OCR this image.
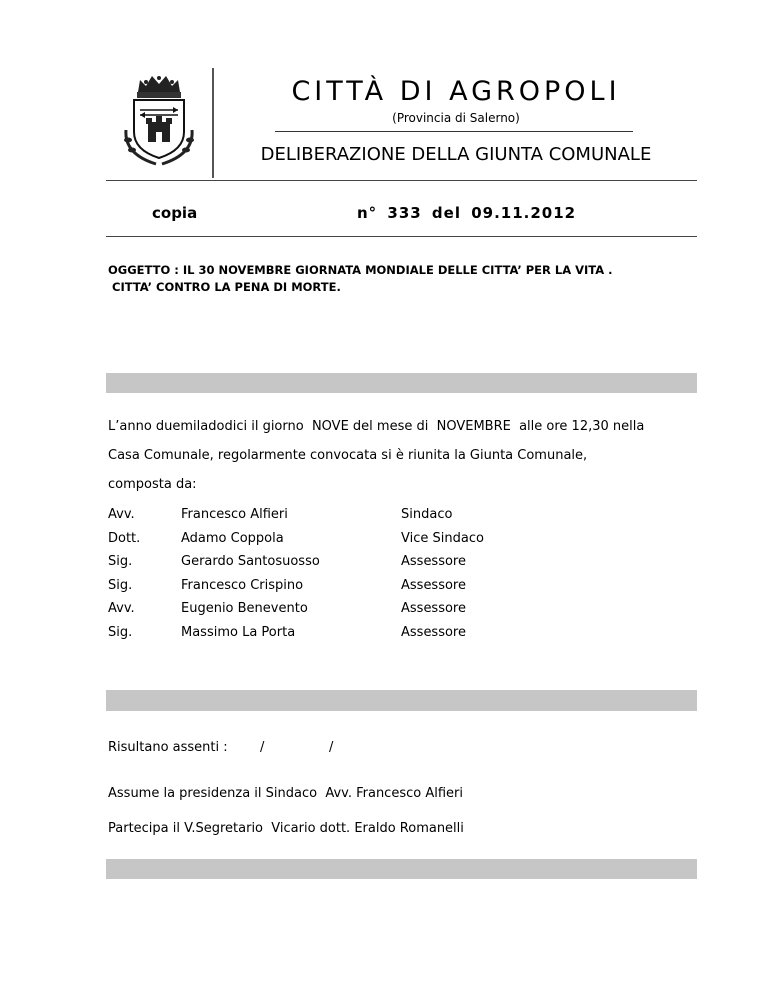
CITTÀ DI AGROPOLI
(Provincia di Salerno)
DELIBERAZIONE DELLA GIUNTA COMUNALE
copia	n° 333 del 09.11.2012
OGGETTO : IL 30 NOVEMBRE GIORNATA MONDIALE DELLE CITTA’ PER LA VITA .
CITTA’ CONTRO LA PENA DI MORTE.
L’anno duemiladodici il giorno  NOVE del mese di  NOVEMBRE  alle ore 12,30 nella
Casa Comunale, regolarmente convocata si è riunita la Giunta Comunale,
composta da:
Avv.	Francesco Alfieri	Sindaco
Dott.	Adamo Coppola	Vice Sindaco
Sig.	Gerardo Santosuosso	Assessore
Sig.	Francesco Crispino	Assessore
Avv.	Eugenio Benevento	Assessore
Sig.	Massimo La Porta	Assessore
Risultano assenti : /	/
Assume la presidenza il Sindaco  Avv. Francesco Alfieri
Partecipa il V.Segretario  Vicario dott. Eraldo Romanelli
